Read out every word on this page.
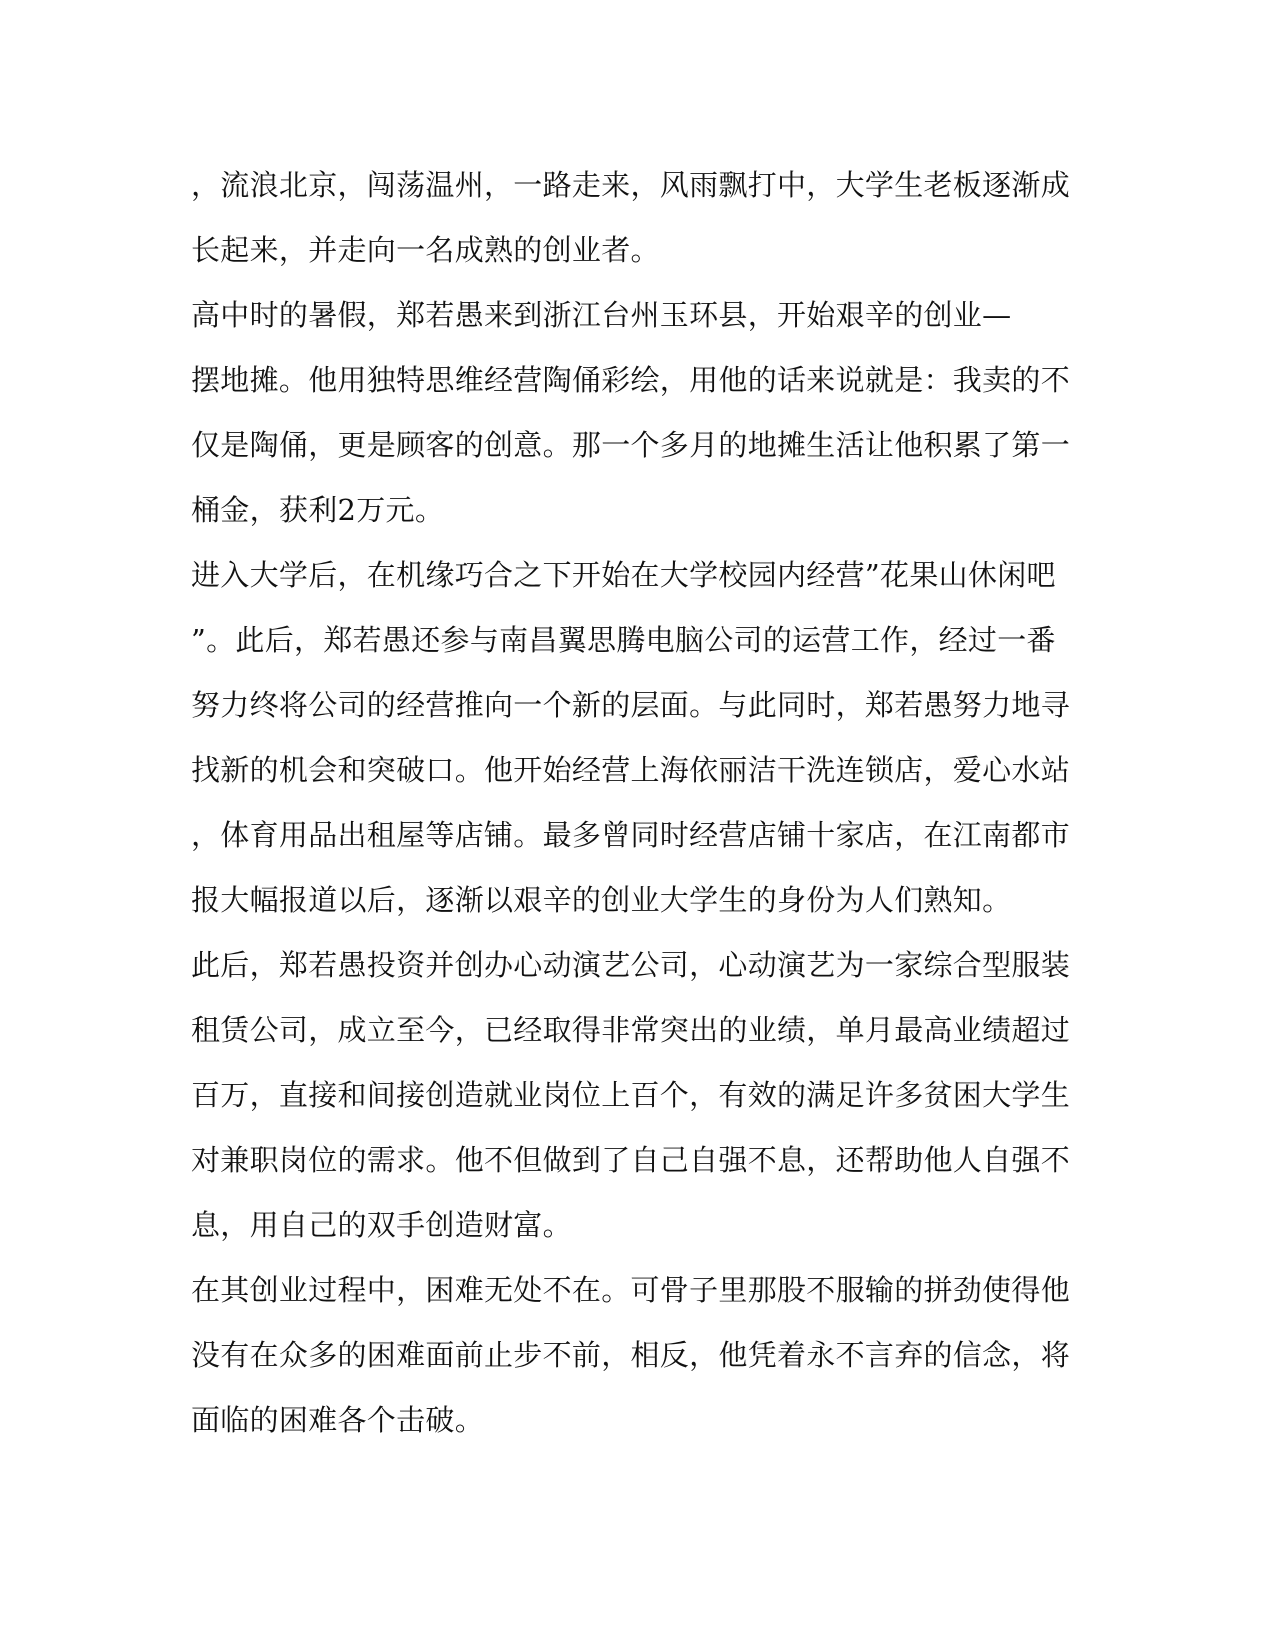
，流浪北京，闯荡温州，一路走来，风雨飘打中，大学生老板逐渐成
长起来，并走向一名成熟的创业者。
高中时的暑假，郑若愚来到浙江台州玉环县，开始艰辛的创业—
摆地摊。他用独特思维经营陶俑彩绘，用他的话来说就是：我卖的不
仅是陶俑，更是顾客的创意。那一个多月的地摊生活让他积累了第一
桶金，获利2万元。
进入大学后，在机缘巧合之下开始在大学校园内经营”花果山休闲吧
”。此后，郑若愚还参与南昌翼思腾电脑公司的运营工作，经过一番
努力终将公司的经营推向一个新的层面。与此同时，郑若愚努力地寻
找新的机会和突破口。他开始经营上海依丽洁干洗连锁店，爱心水站
，体育用品出租屋等店铺。最多曾同时经营店铺十家店，在江南都市
报大幅报道以后，逐渐以艰辛的创业大学生的身份为人们熟知。
此后，郑若愚投资并创办心动演艺公司，心动演艺为一家综合型服装
租赁公司，成立至今，已经取得非常突出的业绩，单月最高业绩超过
百万，直接和间接创造就业岗位上百个，有效的满足许多贫困大学生
对兼职岗位的需求。他不但做到了自己自强不息，还帮助他人自强不
息，用自己的双手创造财富。
在其创业过程中，困难无处不在。可骨子里那股不服输的拼劲使得他
没有在众多的困难面前止步不前，相反，他凭着永不言弃的信念，将
面临的困难各个击破。
